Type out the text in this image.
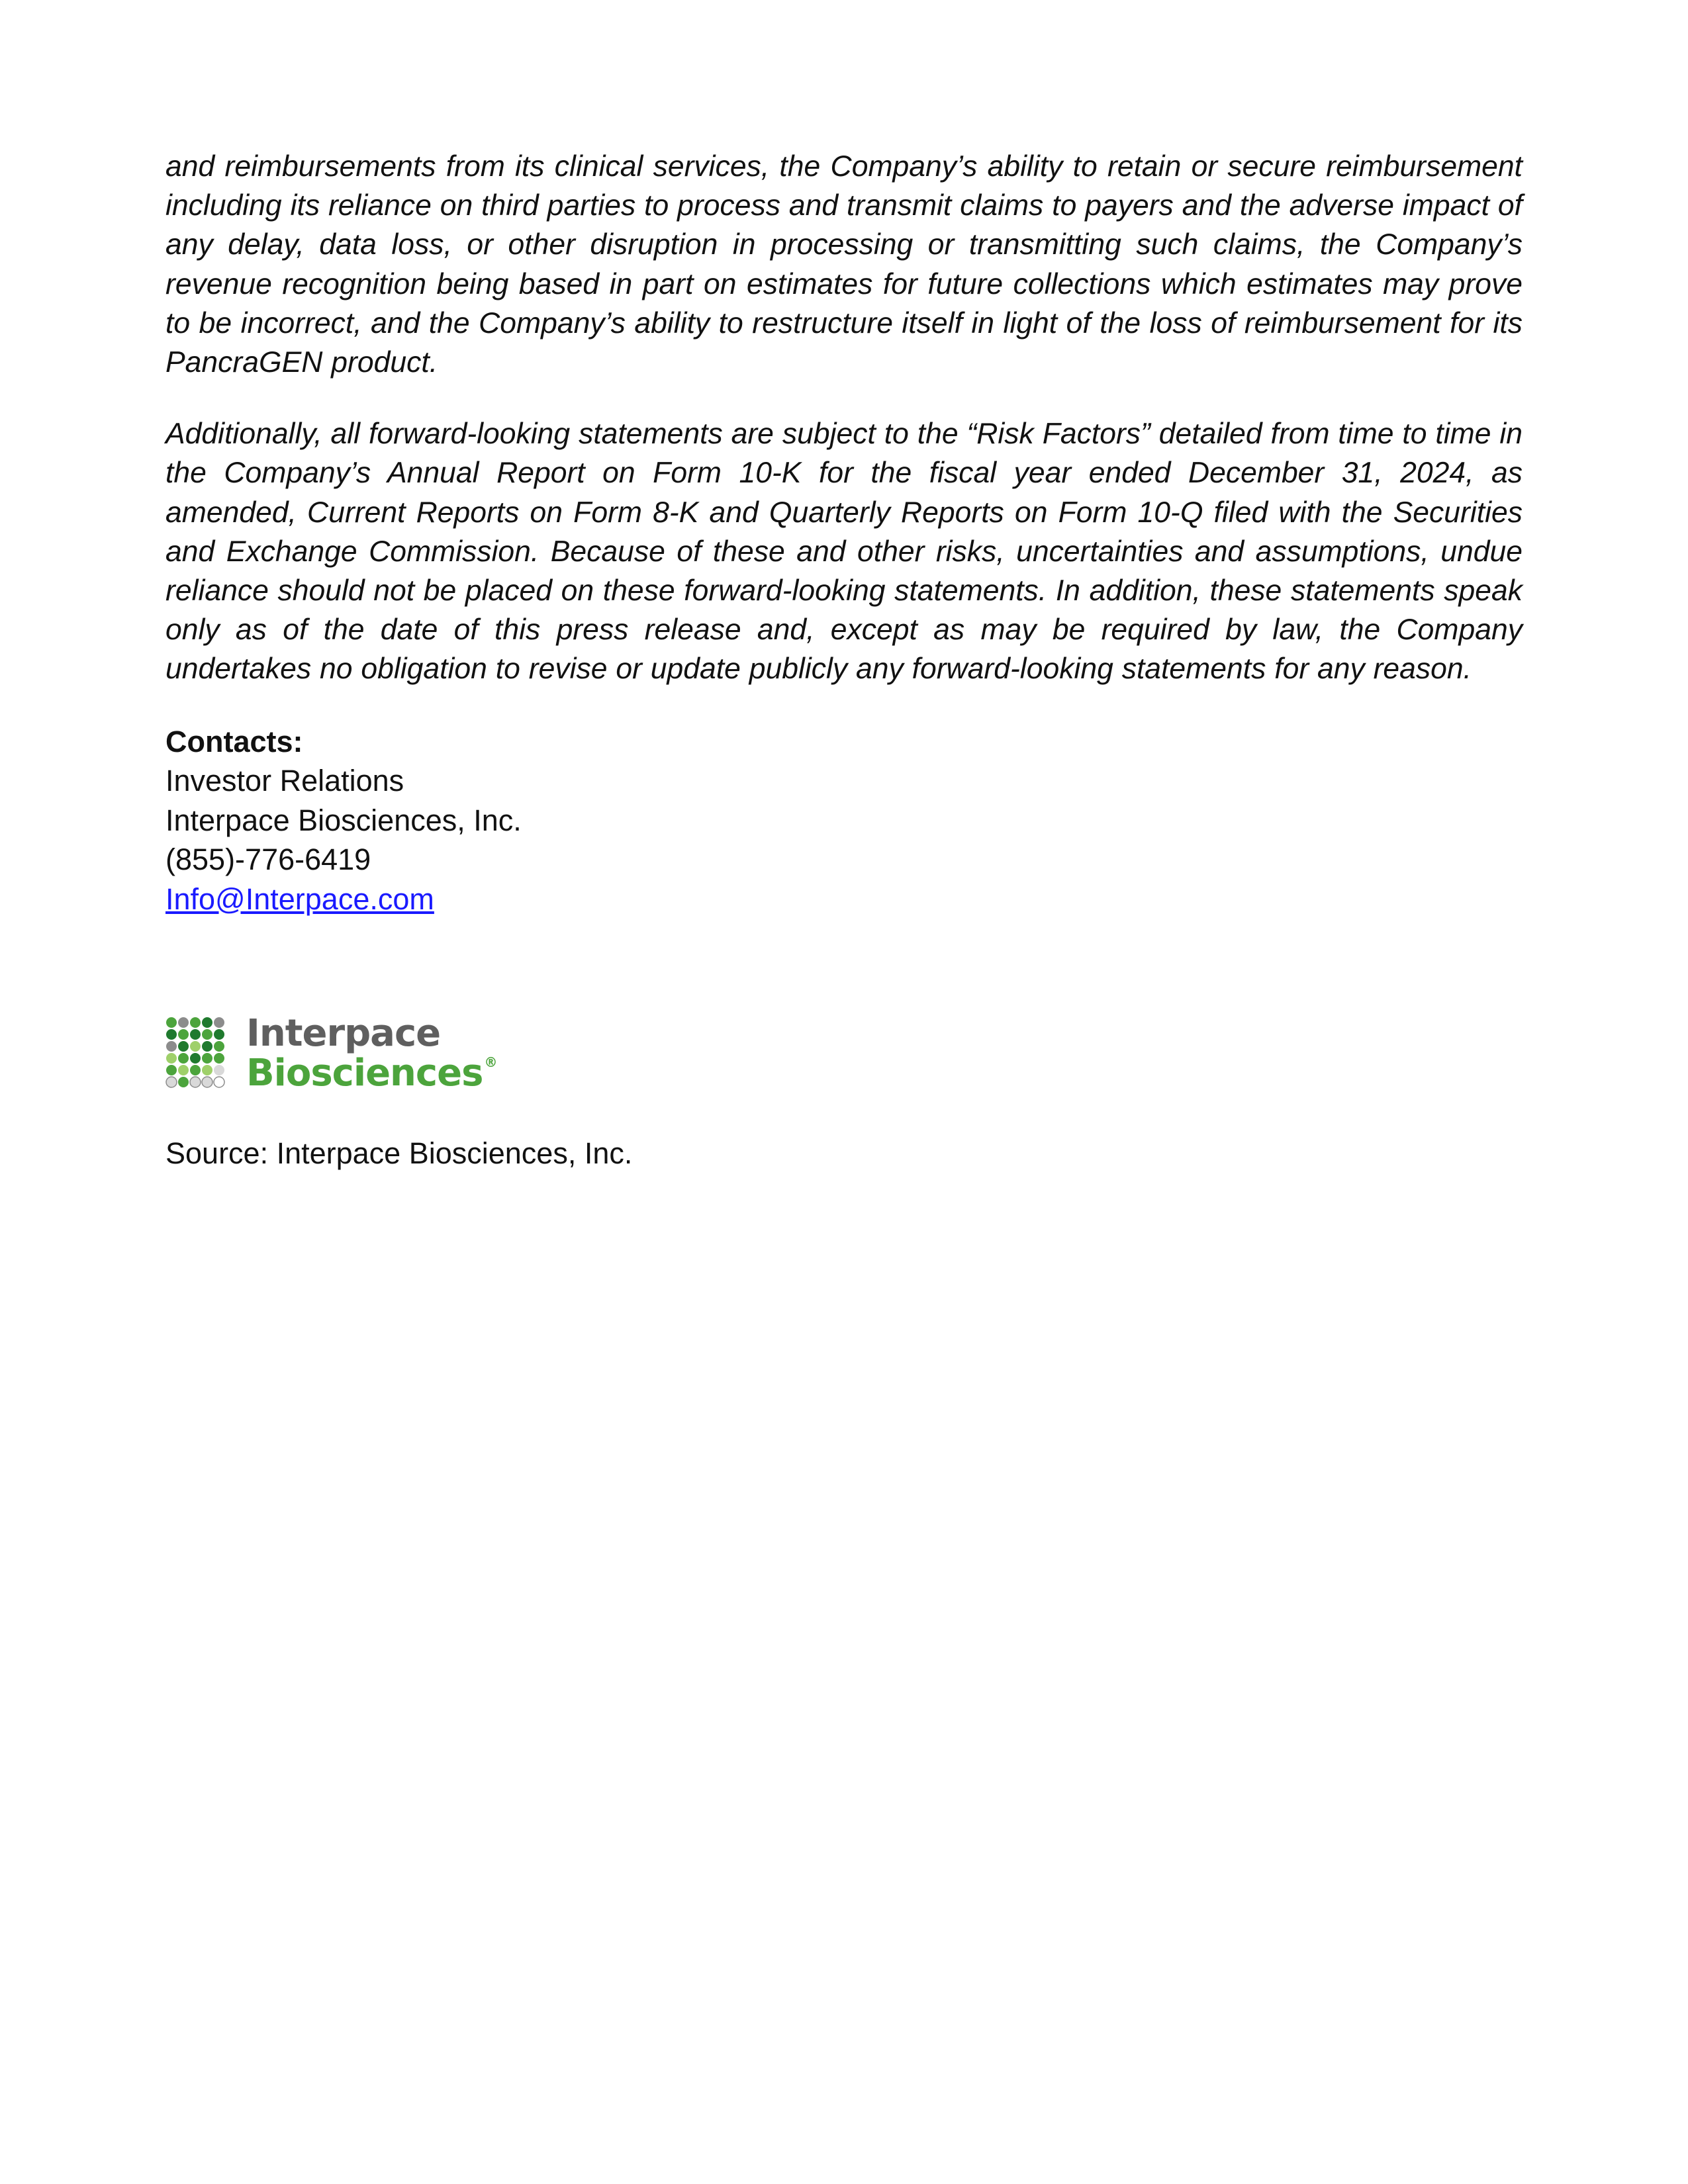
and reimbursements from its clinical services, the Company’s ability to retain or secure reimbursement including its reliance on third parties to process and transmit claims to payers and the adverse impact of any delay, data loss, or other disruption in processing or transmitting such claims, the Company’s revenue recognition being based in part on estimates for future collections which estimates may prove to be incorrect, and the Company’s ability to restructure itself in light of the loss of reimbursement for its PancraGEN product.

Additionally, all forward-looking statements are subject to the “Risk Factors” detailed from time to time in the Company’s Annual Report on Form 10-K for the fiscal year ended December 31, 2024, as amended, Current Reports on Form 8-K and Quarterly Reports on Form 10-Q filed with the Securities and Exchange Commission. Because of these and other risks, uncertainties and assumptions, undue reliance should not be placed on these forward-looking statements. In addition, these statements speak only as of the date of this press release and, except as may be required by law, the Company undertakes no obligation to revise or update publicly any forward-looking statements for any reason.

Contacts:
Investor Relations
Interpace Biosciences, Inc.
(855)-776-6419
Info@Interpace.com
Interpace
Biosciences ®
Source: Interpace Biosciences, Inc.
